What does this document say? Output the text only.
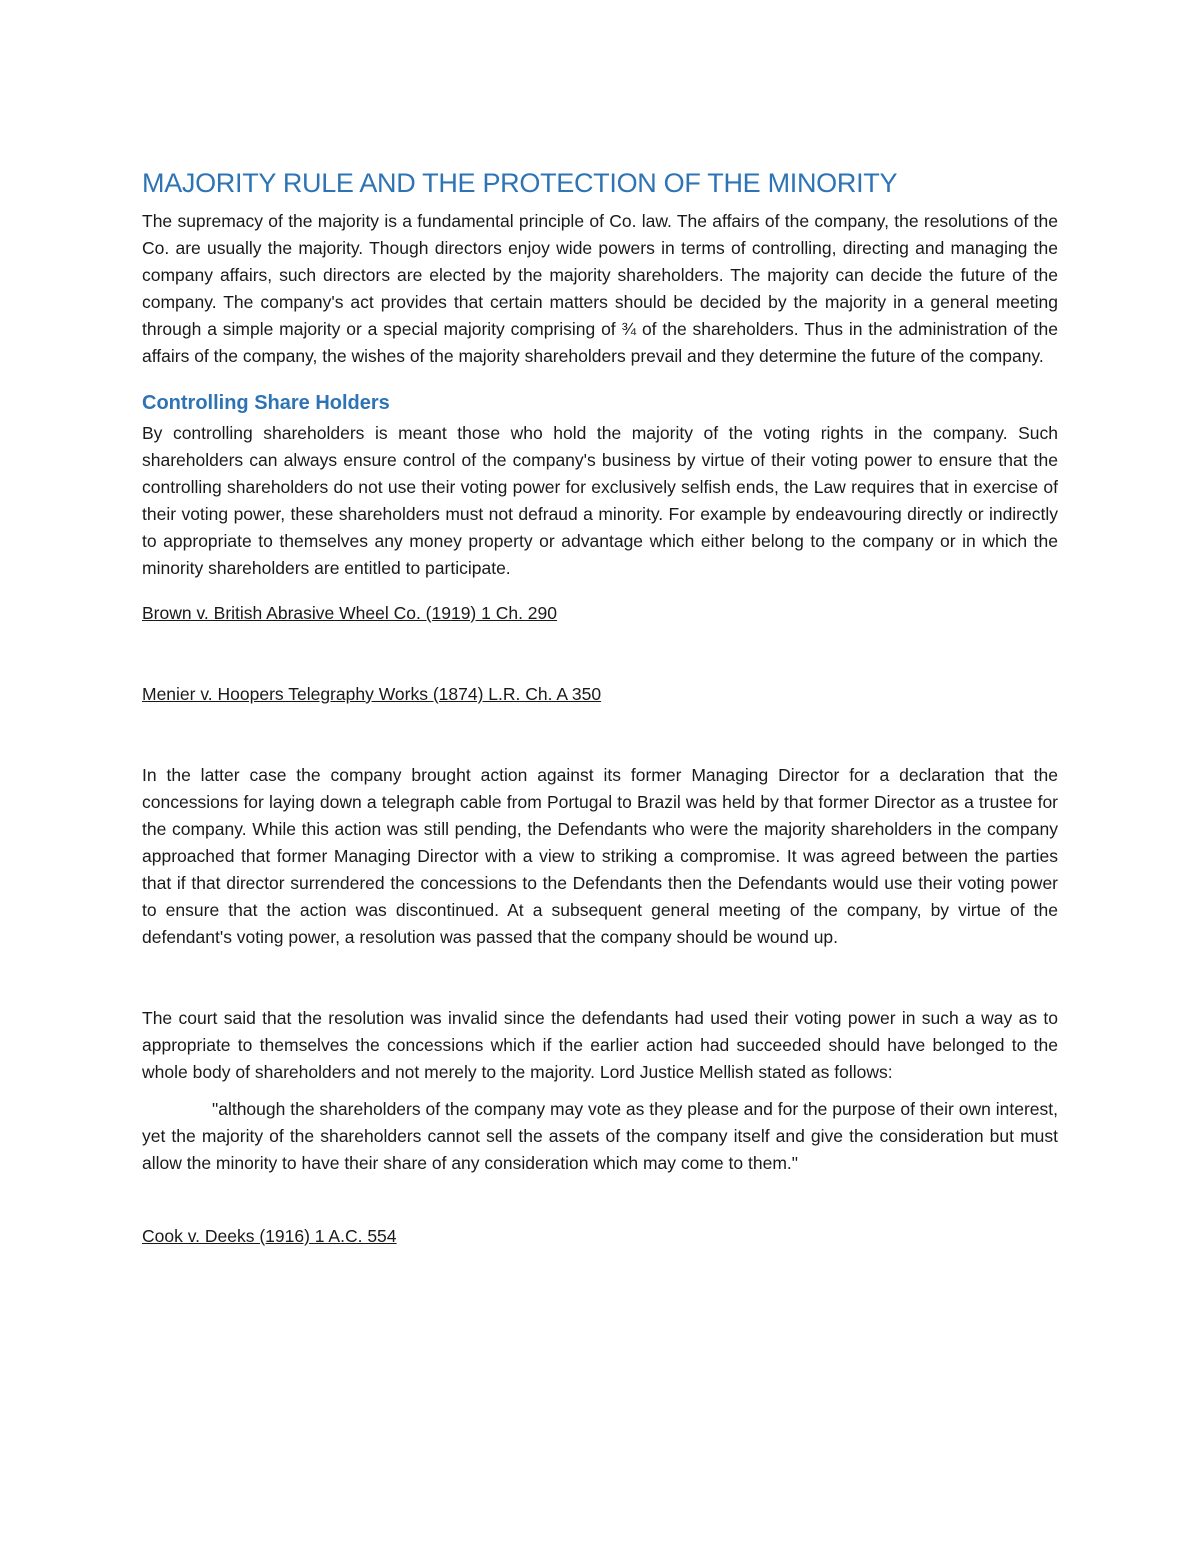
MAJORITY RULE AND THE PROTECTION OF THE MINORITY

The supremacy of the majority is a fundamental principle of Co. law. The affairs of the company, the resolutions of the Co. are usually the majority. Though directors enjoy wide powers in terms of controlling, directing and managing the company affairs, such directors are elected by the majority shareholders. The majority can decide the future of the company. The company's act provides that certain matters should be decided by the majority in a general meeting through a simple majority or a special majority comprising of ¾ of the shareholders. Thus in the administration of the affairs of the company, the wishes of the majority shareholders prevail and they determine the future of the company.

Controlling Share Holders

By controlling shareholders is meant those who hold the majority of the voting rights in the company. Such shareholders can always ensure control of the company's business by virtue of their voting power to ensure that the controlling shareholders do not use their voting power for exclusively selfish ends, the Law requires that in exercise of their voting power, these shareholders must not defraud a minority. For example by endeavouring directly or indirectly to appropriate to themselves any money property or advantage which either belong to the company or in which the minority shareholders are entitled to participate.

Brown v. British Abrasive Wheel Co. (1919) 1 Ch. 290
Menier v. Hoopers Telegraphy Works (1874) L.R. Ch. A 350

In the latter case the company brought action against its former Managing Director for a declaration that the concessions for laying down a telegraph cable from Portugal to Brazil was held by that former Director as a trustee for the company. While this action was still pending, the Defendants who were the majority shareholders in the company approached that former Managing Director with a view to striking a compromise. It was agreed between the parties that if that director surrendered the concessions to the Defendants then the Defendants would use their voting power to ensure that the action was discontinued. At a subsequent general meeting of the company, by virtue of the defendant's voting power, a resolution was passed that the company should be wound up.

The court said that the resolution was invalid since the defendants had used their voting power in such a way as to appropriate to themselves the concessions which if the earlier action had succeeded should have belonged to the whole body of shareholders and not merely to the majority. Lord Justice Mellish stated as follows:

"although the shareholders of the company may vote as they please and for the purpose of their own interest, yet the majority of the shareholders cannot sell the assets of the company itself and give the consideration but must allow the minority to have their share of any consideration which may come to them."

Cook v. Deeks (1916) 1 A.C. 554
